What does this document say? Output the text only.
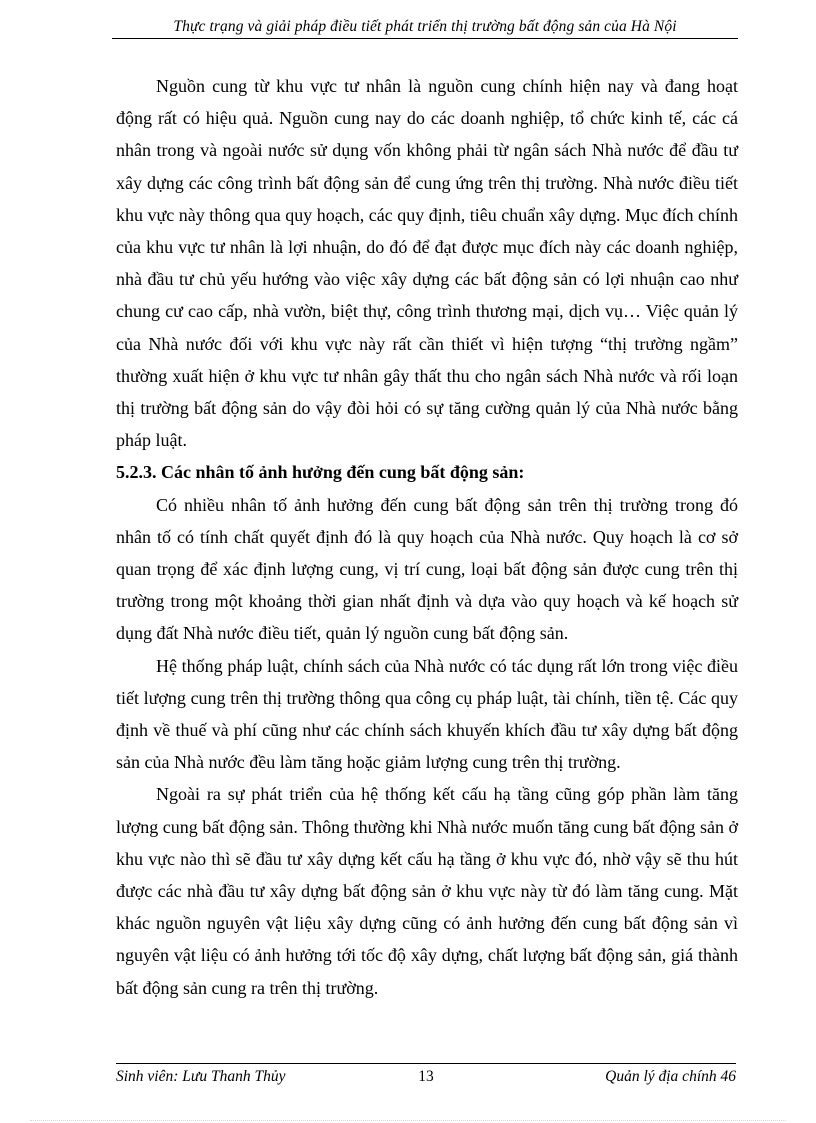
Thực trạng và giải pháp điều tiết phát triển thị trường bất động sản của Hà Nội

Nguồn cung từ khu vực tư nhân là nguồn cung chính hiện nay và đang hoạt động rất có hiệu quả. Nguồn cung nay do các doanh nghiệp, tổ chức kinh tế, các cá nhân trong và ngoài nước sử dụng vốn không phải từ ngân sách Nhà nước để đầu tư xây dựng các công trình bất động sản để cung ứng trên thị trường. Nhà nước điều tiết khu vực này thông qua quy hoạch, các quy định, tiêu chuẩn xây dựng. Mục đích chính của khu vực tư nhân là lợi nhuận, do đó để đạt được mục đích này các doanh nghiệp, nhà đầu tư chủ yếu hướng vào việc xây dựng các bất động sản có lợi nhuận cao như chung cư cao cấp, nhà vườn, biệt thự, công trình thương mại, dịch vụ… Việc quản lý của Nhà nước đối với khu vực này rất cần thiết vì hiện tượng “thị trường ngầm” thường xuất hiện ở khu vực tư nhân gây thất thu cho ngân sách Nhà nước và rối loạn thị trường bất động sản do vậy đòi hỏi có sự tăng cường quản lý của Nhà nước bằng pháp luật.

5.2.3. Các nhân tố ảnh hưởng đến cung bất động sản:

Có nhiều nhân tố ảnh hưởng đến cung bất động sản trên thị trường trong đó nhân tố có tính chất quyết định đó là quy hoạch của Nhà nước. Quy hoạch là cơ sở quan trọng để xác định lượng cung, vị trí cung, loại bất động sản được cung trên thị trường trong một khoảng thời gian nhất định và dựa vào quy hoạch và kế hoạch sử dụng đất Nhà nước điều tiết, quản lý nguồn cung bất động sản.

Hệ thống pháp luật, chính sách của Nhà nước có tác dụng rất lớn trong việc điều tiết lượng cung trên thị trường thông qua công cụ pháp luật, tài chính, tiền tệ. Các quy định về thuế và phí cũng như các chính sách khuyến khích đầu tư xây dựng bất động sản của Nhà nước đều làm tăng hoặc giảm lượng cung trên thị trường.

Ngoài ra sự phát triển của hệ thống kết cấu hạ tầng cũng góp phần làm tăng lượng cung bất động sản. Thông thường khi Nhà nước muốn tăng cung bất động sản ở khu vực nào thì sẽ đầu tư xây dựng kết cấu hạ tầng ở khu vực đó, nhờ vậy sẽ thu hút được các nhà đầu tư xây dựng bất động sản ở khu vực này từ đó làm tăng cung. Mặt khác nguồn nguyên vật liệu xây dựng cũng có ảnh hưởng đến cung bất động sản vì nguyên vật liệu có ảnh hưởng tới tốc độ xây dựng, chất lượng bất động sản, giá thành bất động sản cung ra trên thị trường.

Sinh viên: Lưu Thanh Thủy	13	Quản lý địa chính 46
